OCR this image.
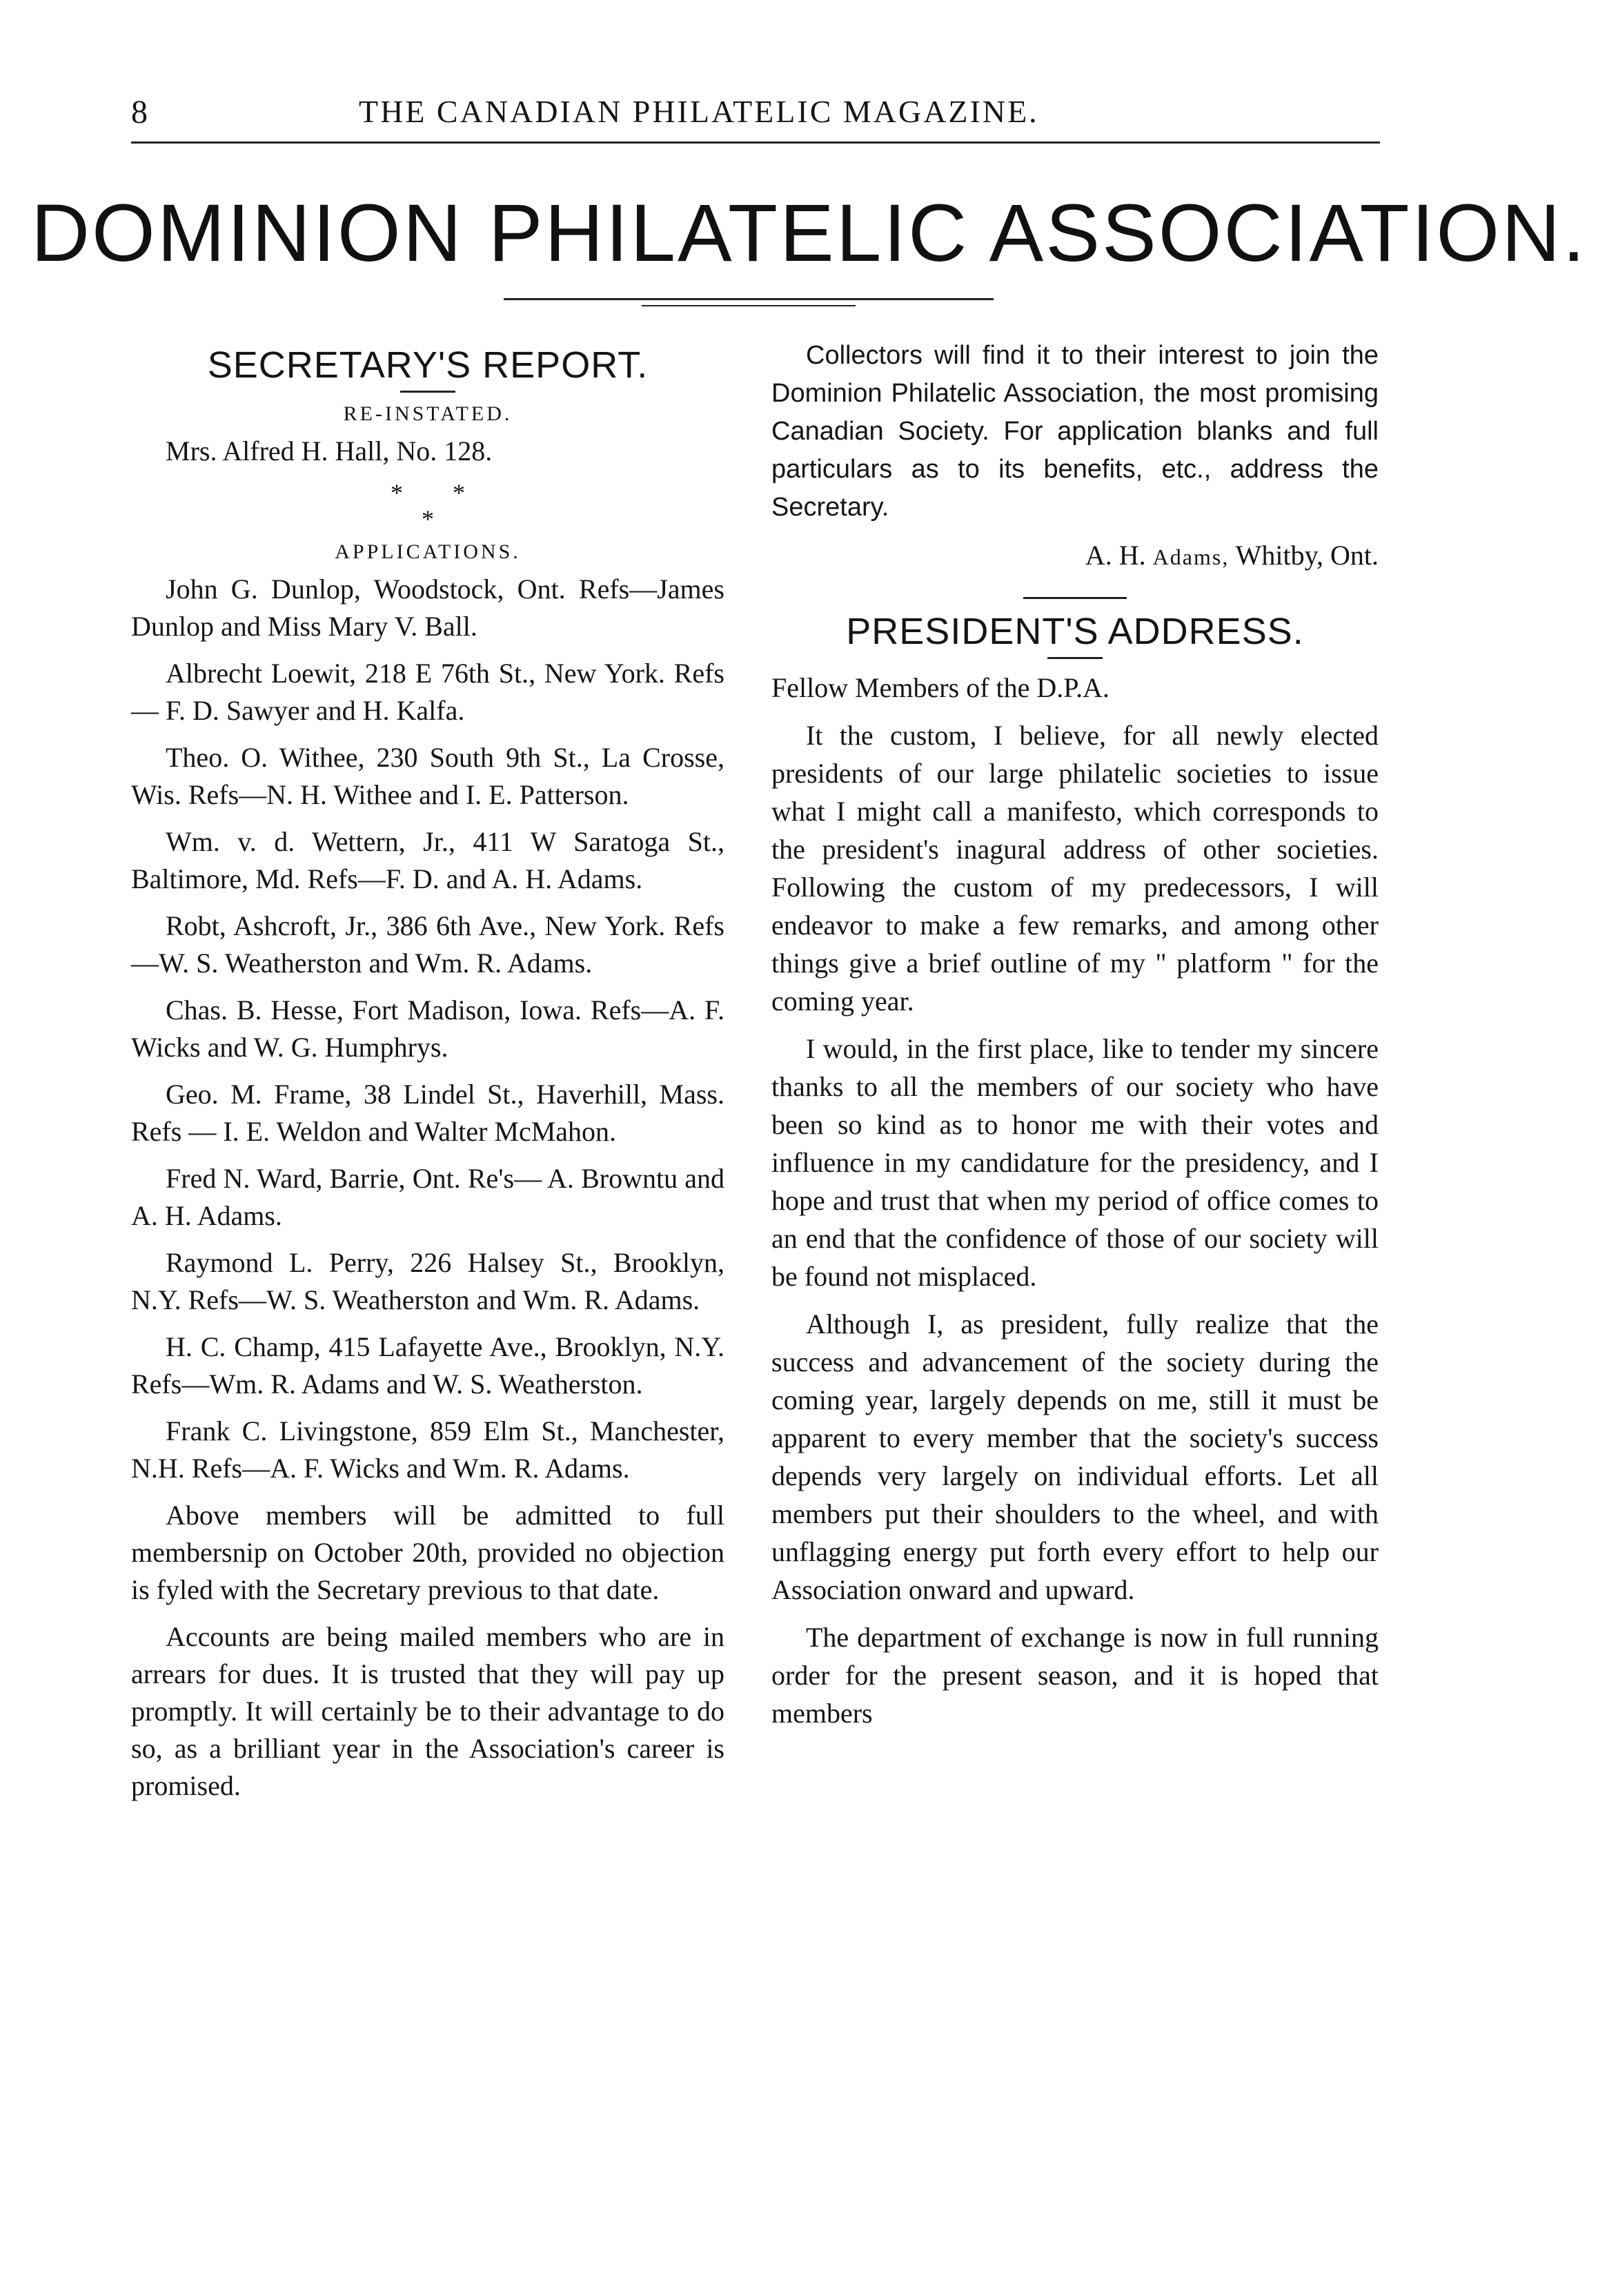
8	THE CANADIAN PHILATELIC MAGAZINE.
DOMINION PHILATELIC ASSOCIATION.
SECRETARY'S REPORT.
RE-INSTATED.

Mrs. Alfred H. Hall, No. 128.

* *
*
APPLICATIONS.

John G. Dunlop, Woodstock, Ont. Refs—James Dunlop and Miss Mary V. Ball.

Albrecht Loewit, 218 E 76th St., New York. Refs — F. D. Sawyer and H. Kalfa.

Theo. O. Withee, 230 South 9th St., La Crosse, Wis. Refs—N. H. Withee and I. E. Patterson.

Wm. v. d. Wettern, Jr., 411 W Saratoga St., Baltimore, Md. Refs—F. D. and A. H. Adams.

Robt, Ashcroft, Jr., 386 6th Ave., New York. Refs—W. S. Weatherston and Wm. R. Adams.

Chas. B. Hesse, Fort Madison, Iowa. Refs—A. F. Wicks and W. G. Humphrys.

Geo. M. Frame, 38 Lindel St., Haverhill, Mass. Refs — I. E. Weldon and Walter McMahon.

Fred N. Ward, Barrie, Ont. Re's— A. Browntu and A. H. Adams.

Raymond L. Perry, 226 Halsey St., Brooklyn, N.Y. Refs—W. S. Weatherston and Wm. R. Adams.

H. C. Champ, 415 Lafayette Ave., Brooklyn, N.Y. Refs—Wm. R. Adams and W. S. Weatherston.

Frank C. Livingstone, 859 Elm St., Manchester, N.H. Refs—A. F. Wicks and Wm. R. Adams.

Above members will be admitted to full membersnip on October 20th, provided no objection is fyled with the Secretary previous to that date.

Accounts are being mailed members who are in arrears for dues. It is trusted that they will pay up promptly. It will certainly be to their advantage to do so, as a brilliant year in the Association's career is promised.

Collectors will find it to their interest to join the Dominion Philatelic Association, the most promising Canadian Society. For application blanks and full particulars as to its benefits, etc., address the Secretary.

A. H. Adams, Whitby, Ont.

PRESIDENT'S ADDRESS.

Fellow Members of the D.P.A.

It the custom, I believe, for all newly elected presidents of our large philatelic societies to issue what I might call a manifesto, which corresponds to the president's inagural address of other societies. Following the custom of my predecessors, I will endeavor to make a few remarks, and among other things give a brief outline of my " platform " for the coming year.

I would, in the first place, like to tender my sincere thanks to all the members of our society who have been so kind as to honor me with their votes and influence in my candidature for the presidency, and I hope and trust that when my period of office comes to an end that the confidence of those of our society will be found not misplaced.

Although I, as president, fully realize that the success and advancement of the society during the coming year, largely depends on me, still it must be apparent to every member that the society's success depends very largely on individual efforts. Let all members put their shoulders to the wheel, and with unflagging energy put forth every effort to help our Association onward and upward.

The department of exchange is now in full running order for the present season, and it is hoped that members
